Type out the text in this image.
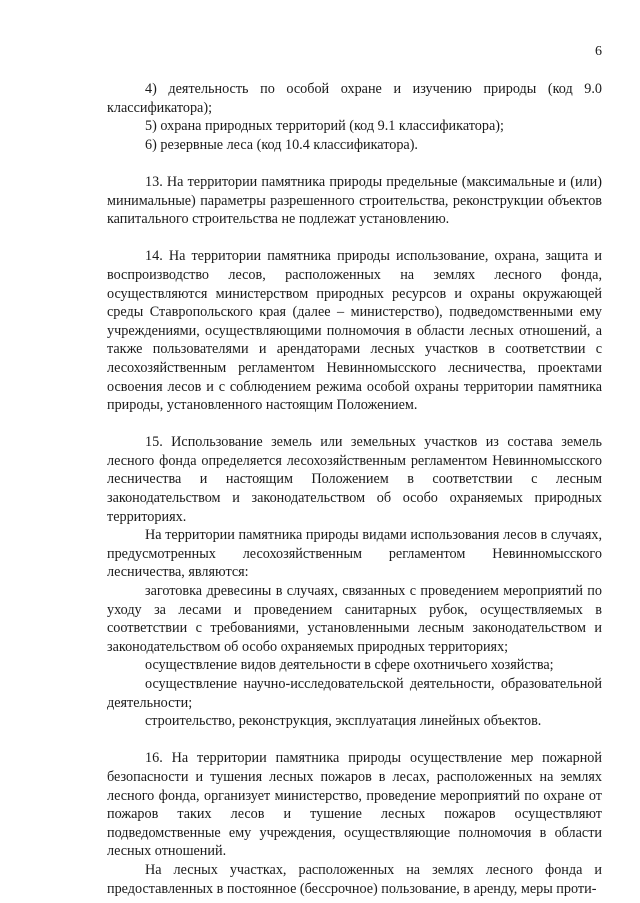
6

4) деятельность по особой охране и изучению природы (код 9.0 классификатора);

5) охрана природных территорий (код 9.1 классификатора);

6) резервные леса (код 10.4 классификатора).

13. На территории памятника природы предельные (максимальные и (или) минимальные) параметры разрешенного строительства, реконструкции объектов капитального строительства не подлежат установлению.

14. На территории памятника природы использование, охрана, защита и воспроизводство лесов, расположенных на землях лесного фонда, осуществляются министерством природных ресурсов и охраны окружающей среды Ставропольского края (далее – министерство), подведомственными ему учреждениями, осуществляющими полномочия в области лесных отношений, а также пользователями и арендаторами лесных участков в соответствии с лесохозяйственным регламентом Невинномысского лесничества, проектами освоения лесов и с соблюдением режима особой охраны территории памятника природы, установленного настоящим Положением.

15. Использование земель или земельных участков из состава земель лесного фонда определяется лесохозяйственным регламентом Невинномысского лесничества и настоящим Положением в соответствии с лесным законодательством и законодательством об особо охраняемых природных территориях.

На территории памятника природы видами использования лесов в случаях, предусмотренных лесохозяйственным регламентом Невинномысского лесничества, являются:

заготовка древесины в случаях, связанных с проведением мероприятий по уходу за лесами и проведением санитарных рубок, осуществляемых в соответствии с требованиями, установленными лесным законодательством и законодательством об особо охраняемых природных территориях;

осуществление видов деятельности в сфере охотничьего хозяйства;

осуществление научно-исследовательской деятельности, образовательной деятельности;

строительство, реконструкция, эксплуатация линейных объектов.

16. На территории памятника природы осуществление мер пожарной безопасности и тушения лесных пожаров в лесах, расположенных на землях лесного фонда, организует министерство, проведение мероприятий по охране от пожаров таких лесов и тушение лесных пожаров осуществляют подведомственные ему учреждения, осуществляющие полномочия в области лесных отношений.

На лесных участках, расположенных на землях лесного фонда и предоставленных в постоянное (бессрочное) пользование, в аренду, меры проти-
